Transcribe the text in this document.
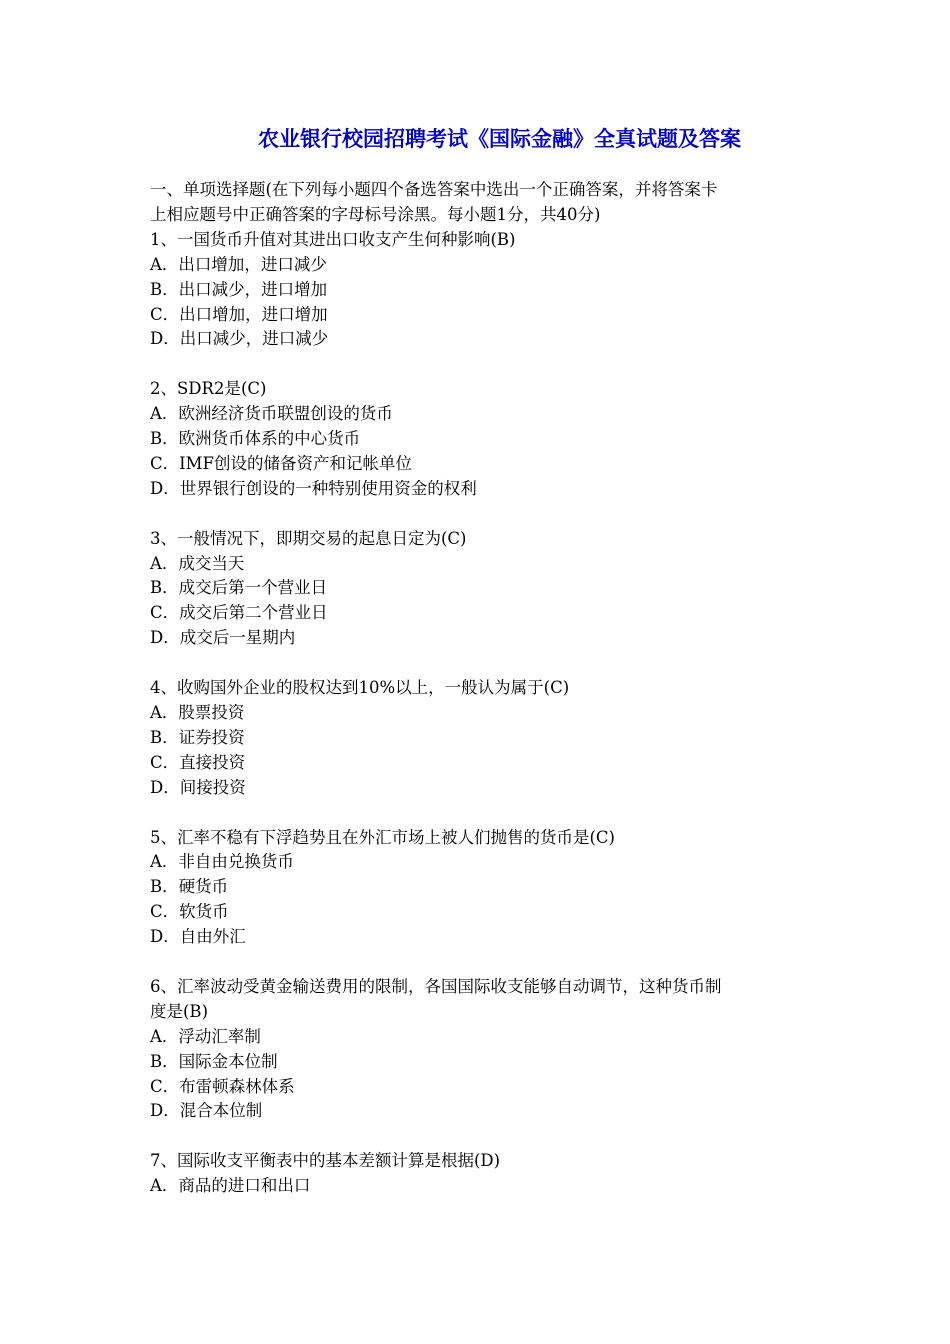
农业银行校园招聘考试《国际金融》全真试题及答案

一、单项选择题(在下列每小题四个备选答案中选出一个正确答案，并将答案卡

上相应题号中正确答案的字母标号涂黑。每小题1分，共40分)

1、一国货币升值对其进出口收支产生何种影响(B)

A．出口增加，进口减少

B．出口减少，进口增加

C．出口增加，进口增加

D．出口减少，进口减少

2、SDR2是(C)

A．欧洲经济货币联盟创设的货币

B．欧洲货币体系的中心货币

C．IMF创设的储备资产和记帐单位

D．世界银行创设的一种特别使用资金的权利

3、一般情况下，即期交易的起息日定为(C)

A．成交当天

B．成交后第一个营业日

C．成交后第二个营业日

D．成交后一星期内

4、收购国外企业的股权达到10%以上，一般认为属于(C)

A．股票投资

B．证券投资

C．直接投资

D．间接投资

5、汇率不稳有下浮趋势且在外汇市场上被人们抛售的货币是(C)

A．非自由兑换货币

B．硬货币

C．软货币

D．自由外汇

6、汇率波动受黄金输送费用的限制，各国国际收支能够自动调节，这种货币制

度是(B)

A．浮动汇率制

B．国际金本位制

C．布雷顿森林体系

D．混合本位制

7、国际收支平衡表中的基本差额计算是根据(D)

A．商品的进口和出口
